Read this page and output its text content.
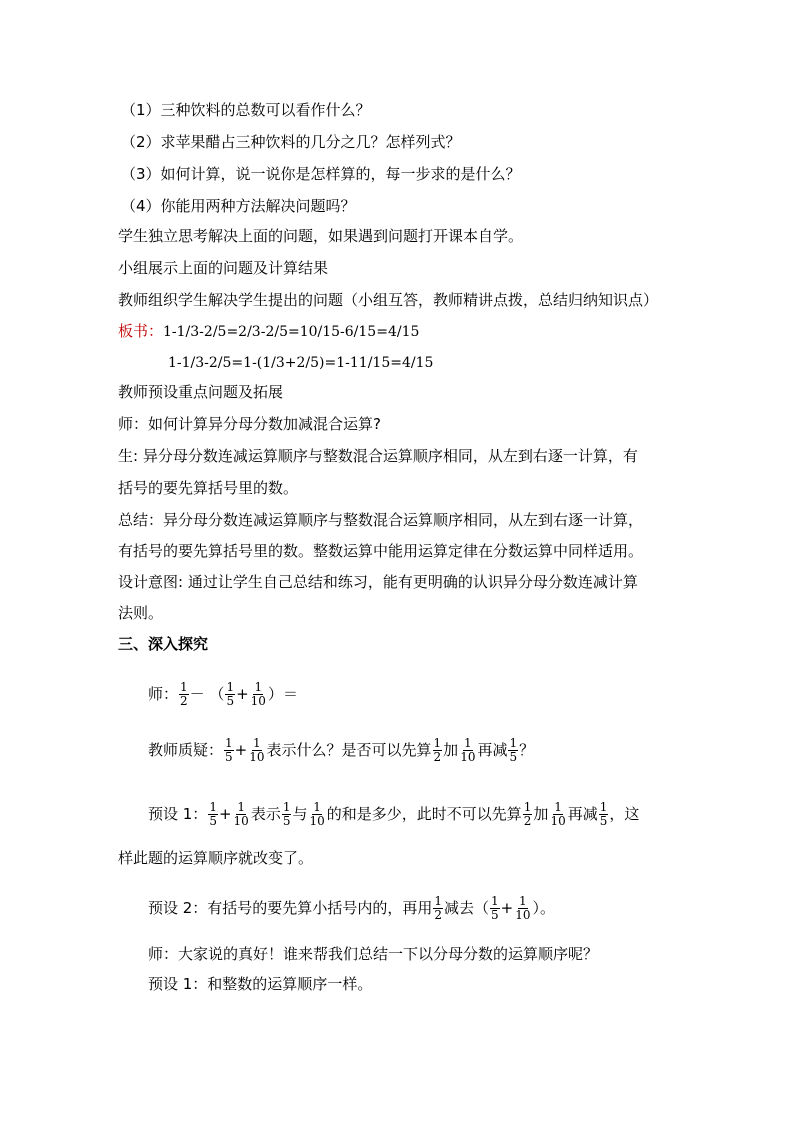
（1）三种饮料的总数可以看作什么？
（2）求苹果醋占三种饮料的几分之几？怎样列式？
（3）如何计算，说一说你是怎样算的，每一步求的是什么？
（4）你能用两种方法解决问题吗？
学生独立思考解决上面的问题，如果遇到问题打开课本自学。
小组展示上面的问题及计算结果
教师组织学生解决学生提出的问题（小组互答，教师精讲点拨，总结归纳知识点）
板书：1-1/3-2/5=2/3-2/5=10/15-6/15=4/15
1-1/3-2/5=1-(1/3+2/5)=1-11/15=4/15
教师预设重点问题及拓展
师：如何计算异分母分数加减混合运算?
生: 异分母分数连减运算顺序与整数混合运算顺序相同，从左到右逐一计算，有
括号的要先算括号里的数。
总结：异分母分数连减运算顺序与整数混合运算顺序相同，从左到右逐一计算，
有括号的要先算括号里的数。整数运算中能用运算定律在分数运算中同样适用。
设计意图: 通过让学生自己总结和练习，能有更明确的认识异分母分数连减计算
法则。
三、深入探究
师： $\frac{1}{2}$ － （ $\frac{1}{5} + \frac{1}{10}$ ）＝
教师质疑： $\frac{1}{5} + \frac{1}{10}$ 表示什么？是否可以先算 $\frac{1}{2}$ 加 $\frac{1}{10}$ 再减 $\frac{1}{5}$ ？
预设 1： $\frac{1}{5} + \frac{1}{10}$ 表示 $\frac{1}{5}$ 与 $\frac{1}{10}$ 的和是多少，此时不可以先算 $\frac{1}{2}$ 加 $\frac{1}{10}$ 再减 $\frac{1}{5}$ ，这
样此题的运算顺序就改变了。
预设 2：有括号的要先算小括号内的，再用 $\frac{1}{2}$ 减去（ $\frac{1}{5} + \frac{1}{10}$ ）。
师：大家说的真好！谁来帮我们总结一下以分母分数的运算顺序呢？
预设 1：和整数的运算顺序一样。
